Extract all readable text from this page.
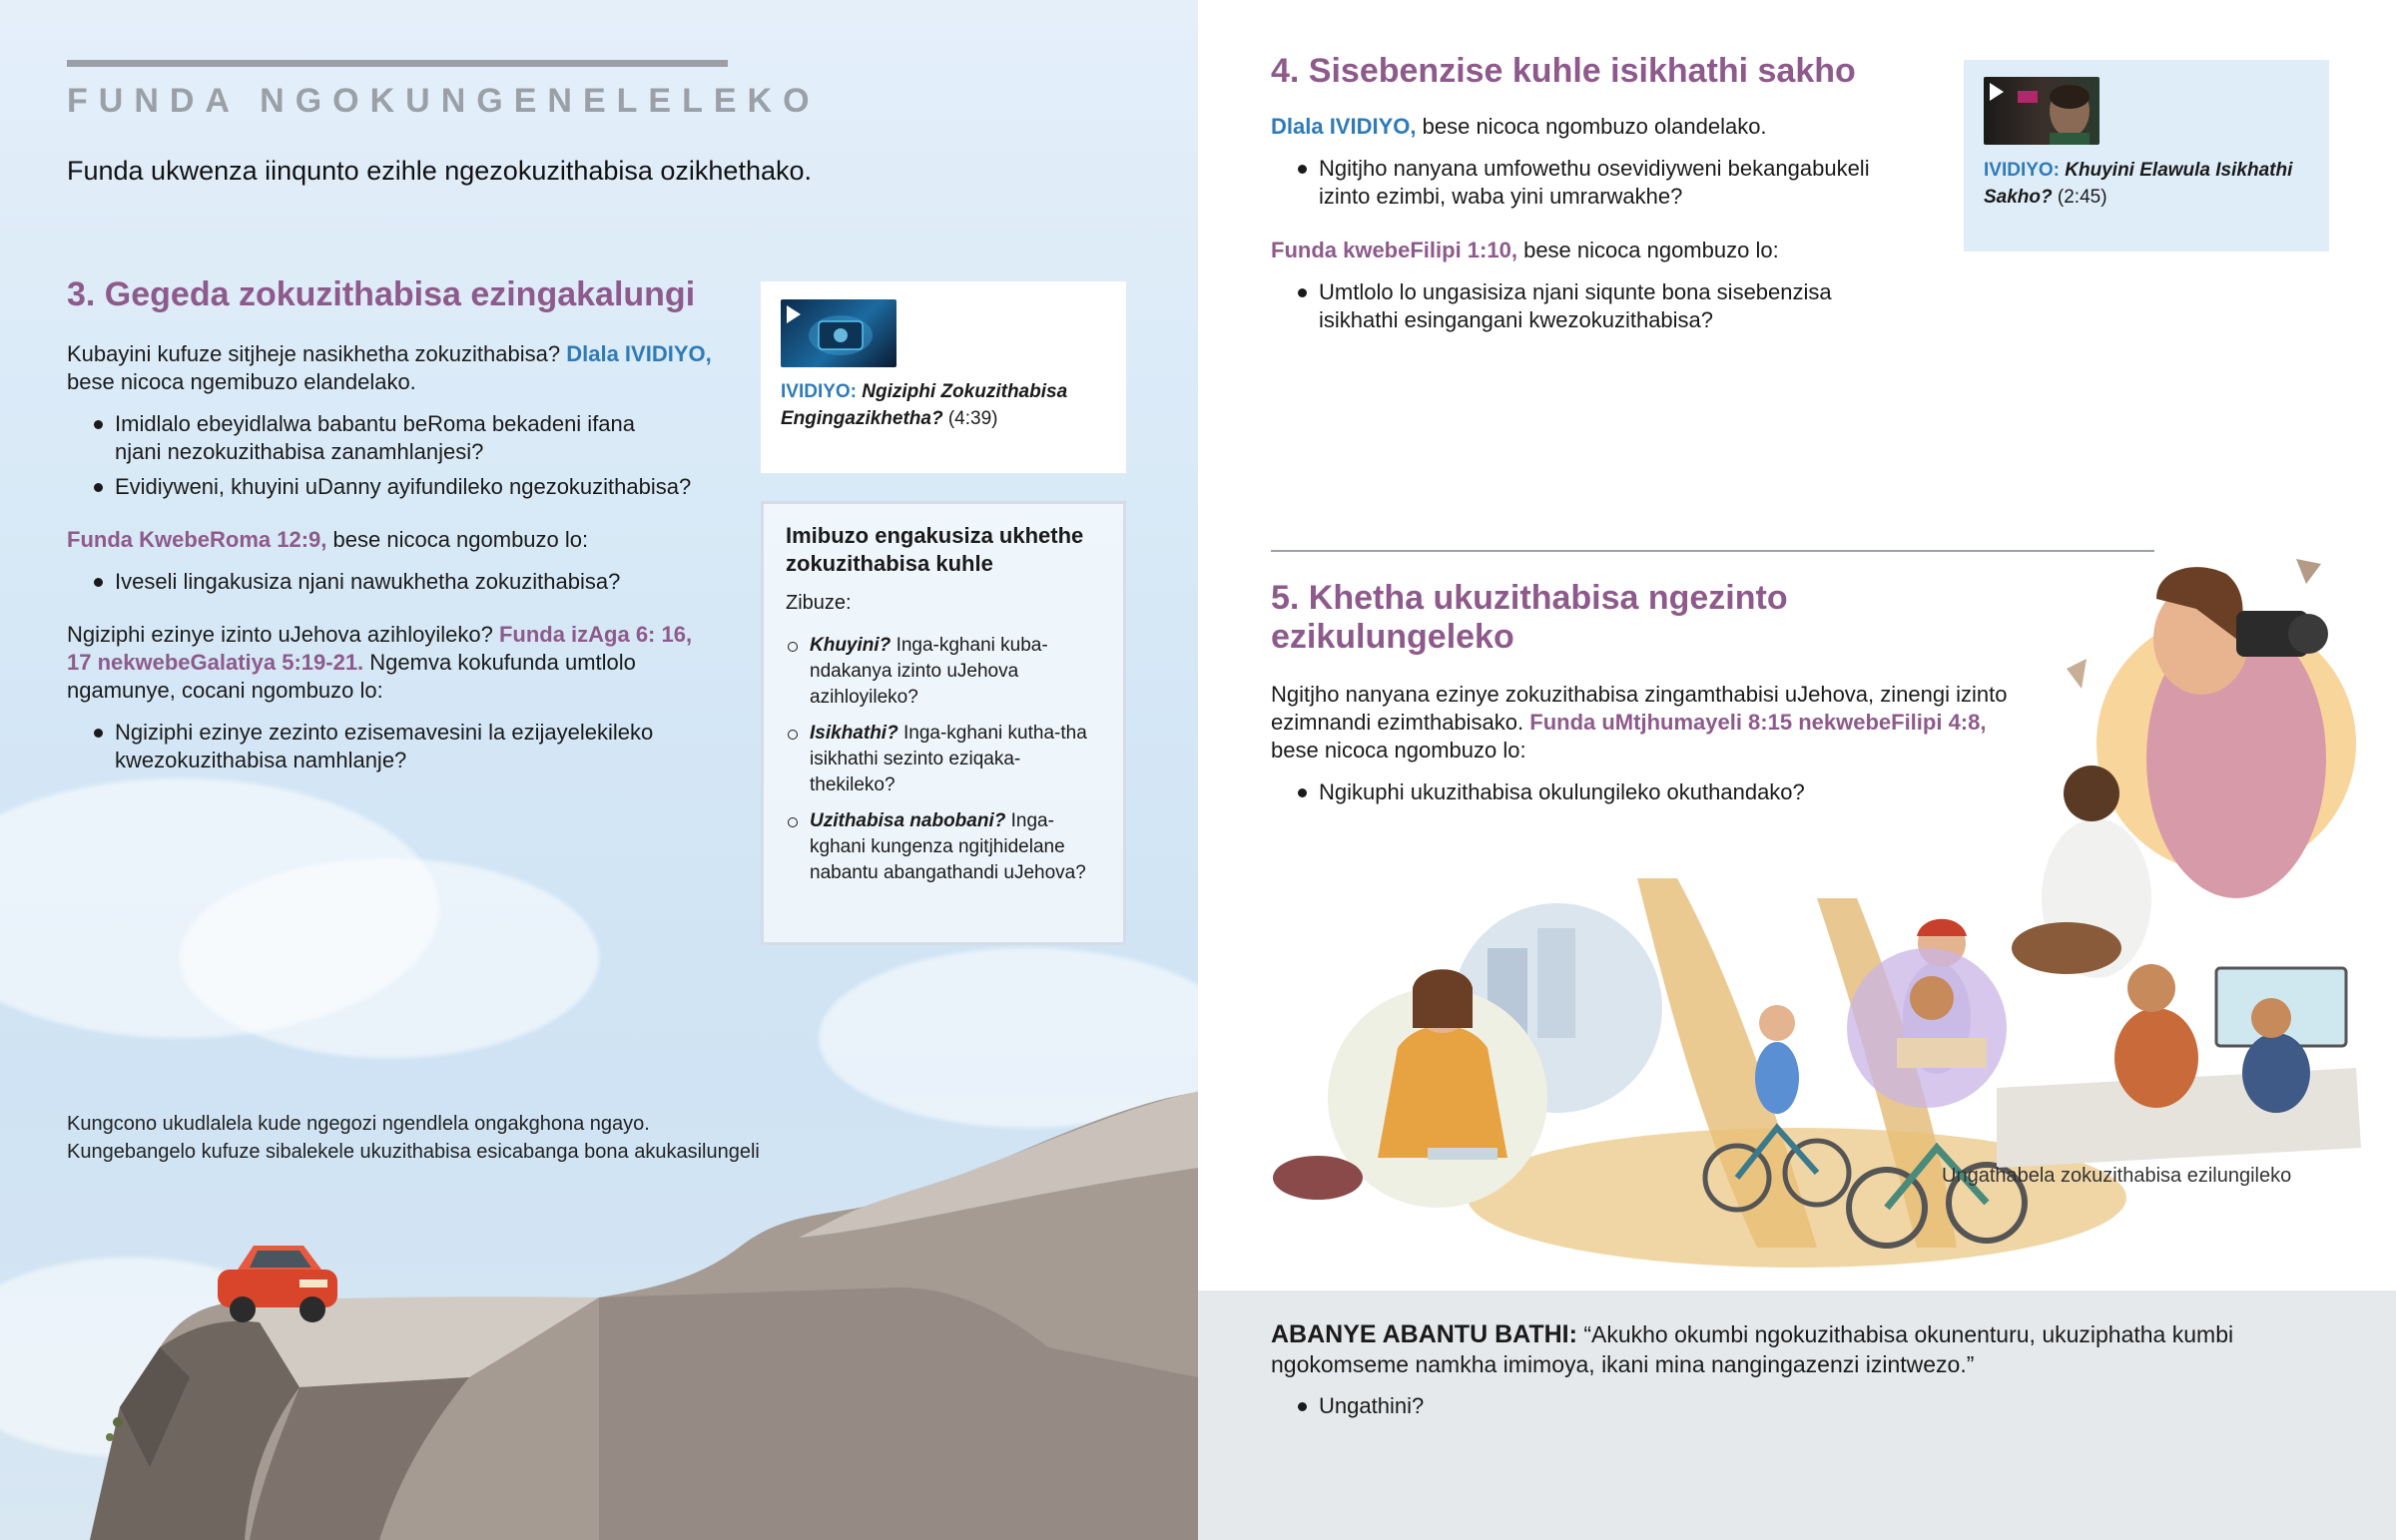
FUNDA NGOKUNGENELELEKO
Funda ukwenza iinqunto ezihle ngezokuzithabisa ozikhethako.
3. Gegeda zokuzithabisa ezingakalungi
Kubayini kufuze sitjheje nasikhetha zokuzithabisa? Dlala IVIDIYO, bese nicoca ngemibuzo elandelako.
Imidlalo ebeyidlalwa babantu beRoma bekadeni ifana njani nezokuzithabisa zanamhlanjesi?
Evidiyweni, khuyini uDanny ayifundileko ngezokuzithabisa?
Funda KwebeRoma 12:9, bese nicoca ngombuzo lo:
Iveseli lingakusiza njani nawukhetha zokuzithabisa?
Ngiziphi ezinye izinto uJehova azihloyileko? Funda izAga 6: 16, 17 nekwebeGalatiya 5:19-21. Ngemva kokufunda umtlolo ngamunye, cocani ngombuzo lo:
Ngiziphi ezinye zezinto ezisemavesini la ezijayelekileko kwezokuzithabisa namhlanje?
IVIDIYO: Ngiziphi Zokuzithabisa Engingazikhetha? (4:39)
Imibuzo engakusiza ukhethe zokuzithabisa kuhle
Zibuze:
Khuyini? Inga-kghani kuba-ndakanya izinto uJehova azihloyileko?
Isikhathi? Inga-kghani kutha-tha isikhathi sezinto eziqaka-thekileko?
Uzithabisa nabobani? Inga-kghani kungenza ngitjhidelane nabantu abangathandi uJehova?
Kungcono ukudlalela kude ngegozi ngendlela ongakghona ngayo.
Kungebangelo kufuze sibalekele ukuzithabisa esicabanga bona akukasilungeli
4. Sisebenzise kuhle isikhathi sakho
Dlala IVIDIYO, bese nicoca ngombuzo olandelako.
Ngitjho nanyana umfowethu osevidiyweni bekangabukeli izinto ezimbi, waba yini umrarwakhe?
Funda kwebeFilipi 1:10, bese nicoca ngombuzo lo:
Umtlolo lo ungasisiza njani siqunte bona sisebenzisa isikhathi esingangani kwezokuzithabisa?
IVIDIYO: Khuyini Elawula Isikhathi Sakho? (2:45)
5. Khetha ukuzithabisa ngezinto ezikulungeleko
Ngitjho nanyana ezinye zokuzithabisa zingamthabisi uJehova, zinengi izinto ezimnandi ezimthabisako. Funda uMtjhumayeli 8:15 nekwebeFilipi 4:8, bese nicoca ngombuzo lo:
Ngikuphi ukuzithabisa okulungileko okuthandako?
Ungathabela zokuzithabisa ezilungileko
ABANYE ABANTU BATHI: “Akukho okumbi ngokuzithabisa okunenturu, ukuziphatha kumbi ngokomseme namkha imimoya, ikani mina nangingazenzi izintwezo.”
Ungathini?
